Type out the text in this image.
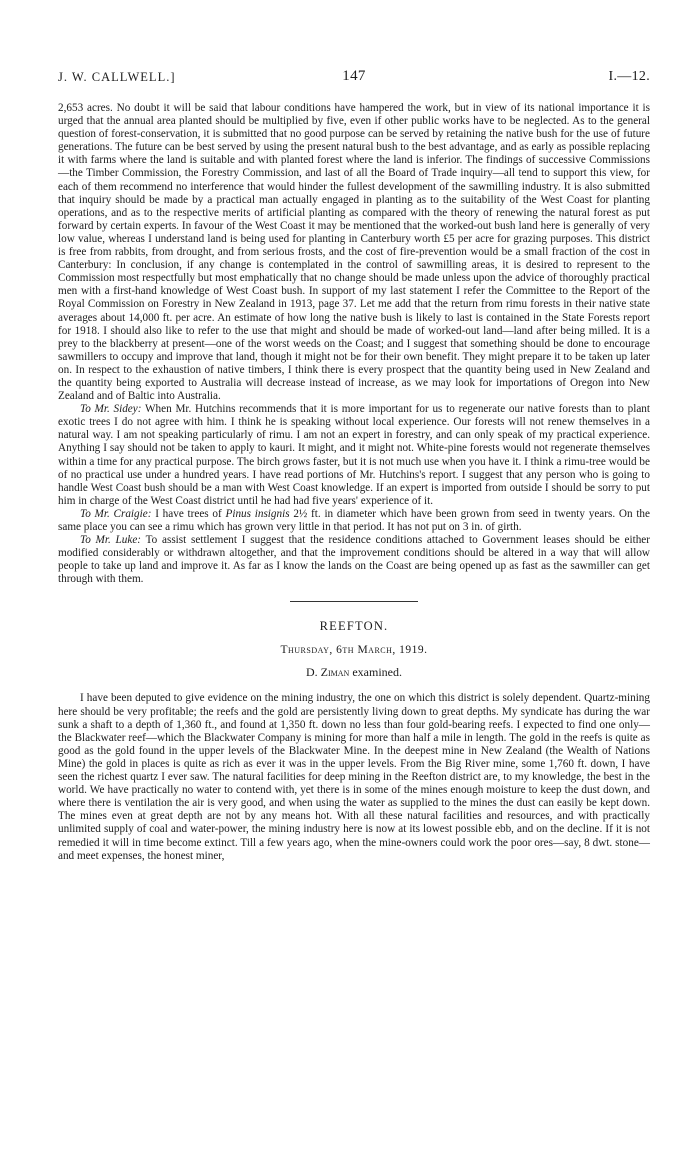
J. W. CALLWELL.]	147	I.—12.

2,653 acres. No doubt it will be said that labour conditions have hampered the work, but in view of its national importance it is urged that the annual area planted should be multiplied by five, even if other public works have to be neglected. As to the general question of forest-conservation, it is submitted that no good purpose can be served by retaining the native bush for the use of future generations. The future can be best served by using the present natural bush to the best advantage, and as early as possible replacing it with farms where the land is suitable and with planted forest where the land is inferior. The findings of successive Commissions—the Timber Commission, the Forestry Commission, and last of all the Board of Trade inquiry—all tend to support this view, for each of them recommend no interference that would hinder the fullest development of the sawmilling industry. It is also submitted that inquiry should be made by a practical man actually engaged in planting as to the suitability of the West Coast for planting operations, and as to the respective merits of artificial planting as compared with the theory of renewing the natural forest as put forward by certain experts. In favour of the West Coast it may be mentioned that the worked-out bush land here is generally of very low value, whereas I understand land is being used for planting in Canterbury worth £5 per acre for grazing purposes. This district is free from rabbits, from drought, and from serious frosts, and the cost of fire-prevention would be a small fraction of the cost in Canterbury: In conclusion, if any change is contemplated in the control of sawmilling areas, it is desired to represent to the Commission most respectfully but most emphatically that no change should be made unless upon the advice of thoroughly practical men with a first-hand knowledge of West Coast bush. In support of my last statement I refer the Committee to the Report of the Royal Commission on Forestry in New Zealand in 1913, page 37. Let me add that the return from rimu forests in their native state averages about 14,000 ft. per acre. An estimate of how long the native bush is likely to last is contained in the State Forests report for 1918. I should also like to refer to the use that might and should be made of worked-out land—land after being milled. It is a prey to the blackberry at present—one of the worst weeds on the Coast; and I suggest that something should be done to encourage sawmillers to occupy and improve that land, though it might not be for their own benefit. They might prepare it to be taken up later on. In respect to the exhaustion of native timbers, I think there is every prospect that the quantity being used in New Zealand and the quantity being exported to Australia will decrease instead of increase, as we may look for importations of Oregon into New Zealand and of Baltic into Australia.

To Mr. Sidey: When Mr. Hutchins recommends that it is more important for us to regenerate our native forests than to plant exotic trees I do not agree with him. I think he is speaking without local experience. Our forests will not renew themselves in a natural way. I am not speaking particularly of rimu. I am not an expert in forestry, and can only speak of my practical experience. Anything I say should not be taken to apply to kauri. It might, and it might not. White-pine forests would not regenerate themselves within a time for any practical purpose. The birch grows faster, but it is not much use when you have it. I think a rimu-tree would be of no practical use under a hundred years. I have read portions of Mr. Hutchins's report. I suggest that any person who is going to handle West Coast bush should be a man with West Coast knowledge. If an expert is imported from outside I should be sorry to put him in charge of the West Coast district until he had had five years' experience of it.

To Mr. Craigie: I have trees of Pinus insignis 2½ ft. in diameter which have been grown from seed in twenty years. On the same place you can see a rimu which has grown very little in that period. It has not put on 3 in. of girth.

To Mr. Luke: To assist settlement I suggest that the residence conditions attached to Government leases should be either modified considerably or withdrawn altogether, and that the improvement conditions should be altered in a way that will allow people to take up land and improve it. As far as I know the lands on the Coast are being opened up as fast as the sawmiller can get through with them.

REEFTON.
Thursday, 6th March, 1919.
D. Ziman examined.

I have been deputed to give evidence on the mining industry, the one on which this district is solely dependent. Quartz-mining here should be very profitable; the reefs and the gold are persistently living down to great depths. My syndicate has during the war sunk a shaft to a depth of 1,360 ft., and found at 1,350 ft. down no less than four gold-bearing reefs. I expected to find one only—the Blackwater reef—which the Blackwater Company is mining for more than half a mile in length. The gold in the reefs is quite as good as the gold found in the upper levels of the Blackwater Mine. In the deepest mine in New Zealand (the Wealth of Nations Mine) the gold in places is quite as rich as ever it was in the upper levels. From the Big River mine, some 1,760 ft. down, I have seen the richest quartz I ever saw. The natural facilities for deep mining in the Reefton district are, to my knowledge, the best in the world. We have practically no water to contend with, yet there is in some of the mines enough moisture to keep the dust down, and where there is ventilation the air is very good, and when using the water as supplied to the mines the dust can easily be kept down. The mines even at great depth are not by any means hot. With all these natural facilities and resources, and with practically unlimited supply of coal and water-power, the mining industry here is now at its lowest possible ebb, and on the decline. If it is not remedied it will in time become extinct. Till a few years ago, when the mine-owners could work the poor ores—say, 8 dwt. stone—and meet expenses, the honest miner,
